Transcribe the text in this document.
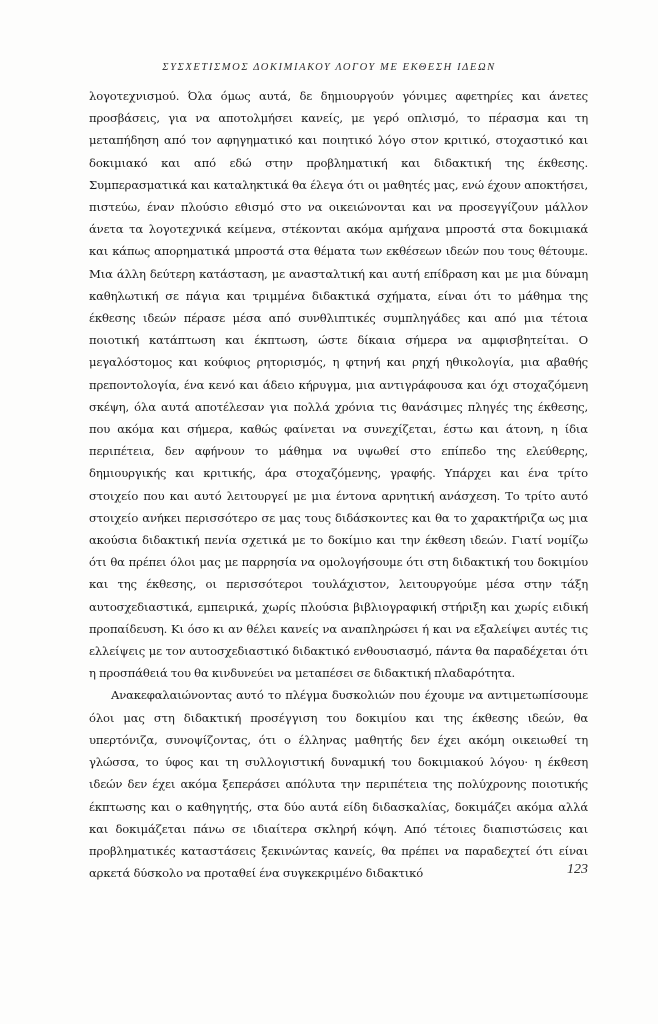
ΣΥΣΧΕΤΙΣΜΟΣ ΔΟΚΙΜΙΑΚΟΥ ΛΟΓΟΥ ΜΕ ΕΚΘΕΣΗ ΙΔΕΩΝ

λογοτεχνισμού. Όλα όμως αυτά, δε δημιουργούν γόνιμες αφετηρίες και άνετες προσβάσεις, για να αποτολμήσει κανείς, με γερό οπλισμό, το πέρασμα και τη μεταπήδηση από τον αφηγηματικό και ποιητικό λόγο στον κριτικό, στοχαστικό και δοκιμιακό και από εδώ στην προβληματική και διδακτική της έκθεσης. Συμπερασματικά και καταληκτικά θα έλεγα ότι οι μαθητές μας, ενώ έχουν αποκτήσει, πιστεύω, έναν πλούσιο εθισμό στο να οικειώνονται και να προσεγγίζουν μάλλον άνετα τα λογοτεχνικά κείμενα, στέκονται ακόμα αμήχανα μπροστά στα δοκιμιακά και κάπως απορηματικά μπροστά στα θέματα των εκθέσεων ιδεών που τους θέτουμε. Μια άλλη δεύτερη κατάσταση, με ανασταλτική και αυτή επίδραση και με μια δύναμη καθηλωτική σε πάγια και τριμμένα διδακτικά σχήματα, είναι ότι το μάθημα της έκθεσης ιδεών πέρασε μέσα από συνθλιπτικές συμπληγάδες και από μια τέτοια ποιοτική κατάπτωση και έκπτωση, ώστε δίκαια σήμερα να αμφισβητείται. Ο μεγαλόστομος και κούφιος ρητορισμός, η φτηνή και ρηχή ηθικολογία, μια αβαθής πρεποντολογία, ένα κενό και άδειο κήρυγμα, μια αντιγράφουσα και όχι στοχαζόμενη σκέψη, όλα αυτά αποτέλεσαν για πολλά χρόνια τις θανάσιμες πληγές της έκθεσης, που ακόμα και σήμερα, καθώς φαίνεται να συνεχίζεται, έστω και άτονη, η ίδια περιπέτεια, δεν αφήνουν το μάθημα να υψωθεί στο επίπεδο της ελεύθερης, δημιουργικής και κριτικής, άρα στοχαζόμενης, γραφής. Υπάρχει και ένα τρίτο στοιχείο που και αυτό λειτουργεί με μια έντονα αρνητική ανάσχεση. Το τρίτο αυτό στοιχείο ανήκει περισσότερο σε μας τους διδάσκοντες και θα το χαρακτήριζα ως μια ακούσια διδακτική πενία σχετικά με το δοκίμιο και την έκθεση ιδεών. Γιατί νομίζω ότι θα πρέπει όλοι μας με παρρησία να ομολογήσουμε ότι στη διδακτική του δοκιμίου και της έκθεσης, οι περισσότεροι τουλάχιστον, λειτουργούμε μέσα στην τάξη αυτοσχεδιαστικά, εμπειρικά, χωρίς πλούσια βιβλιογραφική στήριξη και χωρίς ειδική προπαίδευση. Κι όσο κι αν θέλει κανείς να αναπληρώσει ή και να εξαλείψει αυτές τις ελλείψεις με τον αυτοσχεδιαστικό διδακτικό ενθουσιασμό, πάντα θα παραδέχεται ότι η προσπάθειά του θα κινδυνεύει να μεταπέσει σε διδακτική πλαδαρότητα.

Ανακεφαλαιώνοντας αυτό το πλέγμα δυσκολιών που έχουμε να αντιμετωπίσουμε όλοι μας στη διδακτική προσέγγιση του δοκιμίου και της έκθεσης ιδεών, θα υπερτόνιζα, συνοψίζοντας, ότι ο έλληνας μαθητής δεν έχει ακόμη οικειωθεί τη γλώσσα, το ύφος και τη συλλογιστική δυναμική του δοκιμιακού λόγου· η έκθεση ιδεών δεν έχει ακόμα ξεπεράσει απόλυτα την περιπέτεια της πολύχρονης ποιοτικής έκπτωσης και ο καθηγητής, στα δύο αυτά είδη διδασκαλίας, δοκιμάζει ακόμα αλλά και δοκιμάζεται πάνω σε ιδιαίτερα σκληρή κόψη. Από τέτοιες διαπιστώσεις και προβληματικές καταστάσεις ξεκινώντας κανείς, θα πρέπει να παραδεχτεί ότι είναι αρκετά δύσκολο να προταθεί ένα συγκεκριμένο διδακτικό	123
